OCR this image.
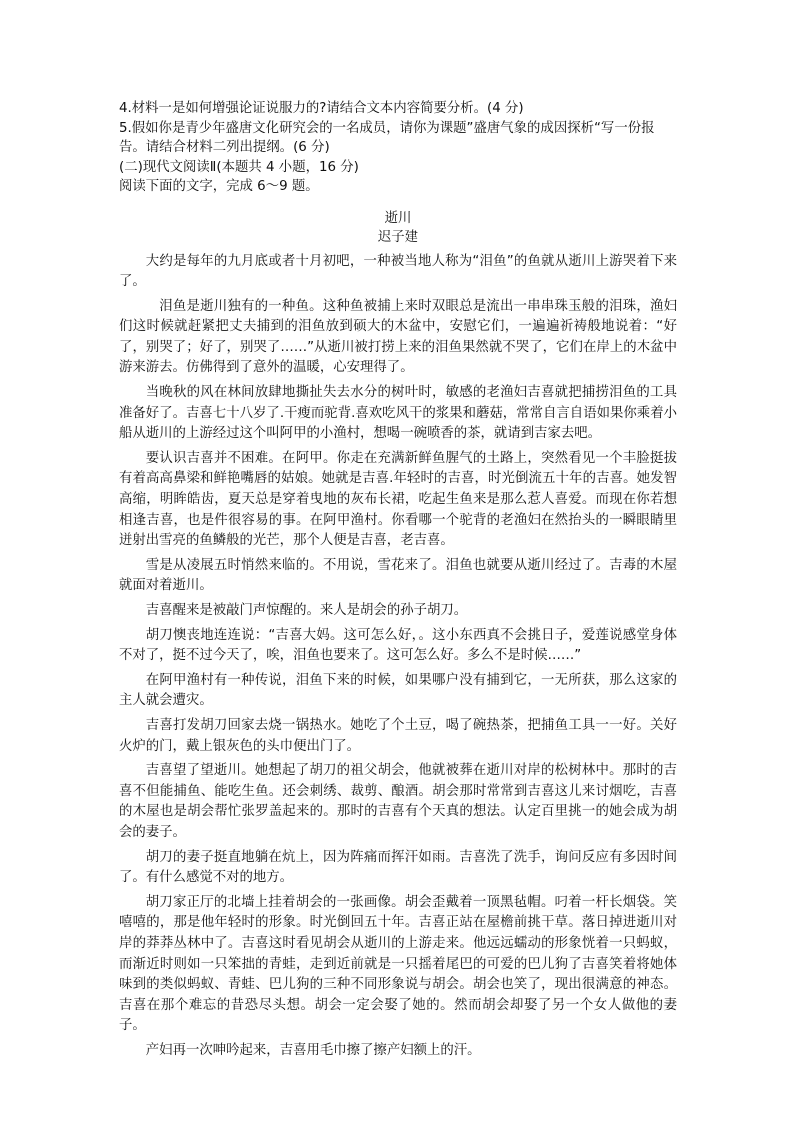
4.材料一是如何增强论证说服力的?请结合文本内容简要分析。(4 分)

5.假如你是青少年盛唐文化研究会的一名成员，请你为课题”盛唐气象的成因探析“写一份报告。请结合材料二列出提纲。(6 分)

(二)现代文阅读Ⅱ(本题共 4 小题，16 分)

阅读下面的文字，完成 6～9 题。

逝川

迟子建

大约是每年的九月底或者十月初吧，一种被当地人称为“泪鱼”的鱼就从逝川上游哭着下来了。

泪鱼是逝川独有的一种鱼。这种鱼被捕上来时双眼总是流出一串串珠玉般的泪珠，渔妇们这时候就赶紧把丈夫捕到的泪鱼放到硕大的木盆中，安慰它们，一遍遍祈祷般地说着：“好了，别哭了；好了，别哭了……”从逝川被打捞上来的泪鱼果然就不哭了，它们在岸上的木盆中游来游去。仿佛得到了意外的温暖，心安理得了。

当晚秋的风在林间放肆地撕扯失去水分的树叶时，敏感的老渔妇吉喜就把捕捞泪鱼的工具准备好了。吉喜七十八岁了.干瘦而驼背.喜欢吃风干的浆果和蘑菇，常常自言自语如果你乘着小船从逝川的上游经过这个叫阿甲的小渔村，想喝一碗喷香的茶，就请到吉家去吧。

要认识吉喜并不困难。在阿甲。你走在充满新鲜鱼腥气的土路上，突然看见一个丰脸挺拔有着高高鼻梁和鲜艳嘴唇的姑娘。她就是吉喜.年轻时的吉喜，时光倒流五十年的吉喜。她发智高缩，明眸皓齿，夏天总是穿着曳地的灰布长裙，吃起生鱼来是那么惹人喜爱。而现在你若想相逢吉喜，也是件很容易的事。在阿甲渔村。你看哪一个驼背的老渔妇在然抬头的一瞬眼睛里迸射出雪亮的鱼鳞般的光芒，那个人便是吉喜，老吉喜。

雪是从凌展五时悄然来临的。不用说，雪花来了。泪鱼也就要从逝川经过了。吉毒的木屋就面对着逝川。

吉喜醒来是被敲门声惊醒的。来人是胡会的孙子胡刀。

胡刀懊丧地连连说：“吉喜大妈。这可怎么好，。这小东西真不会挑日子，爱莲说感堂身体不对了，挺不过今天了，唉，泪鱼也要来了。这可怎么好。多么不是时候……”

在阿甲渔村有一种传说，泪鱼下来的时候，如果哪户没有捕到它，一无所获，那么这家的主人就会遭灾。

吉喜打发胡刀回家去烧一锅热水。她吃了个土豆，喝了碗热茶，把捕鱼工具一一好。关好火炉的门，戴上银灰色的头巾便出门了。

吉喜望了望逝川。她想起了胡刀的祖父胡会，他就被葬在逝川对岸的松树林中。那时的吉喜不但能捕鱼、能吃生鱼。还会刺绣、裁剪、酿酒。胡会那时常常到吉喜这儿来讨烟吃，吉喜的木屋也是胡会帮忙张罗盖起来的。那时的吉喜有个天真的想法。认定百里挑一的她会成为胡会的妻子。

胡刀的妻子挺直地躺在炕上，因为阵痛而挥汗如雨。吉喜洗了洗手，询问反应有多因时间了。有什么感觉不对的地方。

胡刀家正厅的北墙上挂着胡会的一张画像。胡会歪戴着一顶黑毡帽。叼着一杆长烟袋。笑嘻嘻的，那是他年轻时的形象。时光倒回五十年。吉喜正站在屋檐前挑干草。落日掉进逝川对岸的莽莽丛林中了。吉喜这时看见胡会从逝川的上游走来。他远远蠕动的形象恍着一只蚂蚁，而渐近时则如一只笨拙的青蛙，走到近前就是一只摇着尾巴的可爱的巴儿狗了吉喜笑着将她体味到的类似蚂蚁、青蛙、巴儿狗的三种不同形象说与胡会。胡会也笑了，现出很满意的神态。吉喜在那个难忘的昔恐尽头想。胡会一定会娶了她的。然而胡会却娶了另一个女人做他的妻子。

产妇再一次呻吟起来，吉喜用毛巾擦了擦产妇额上的汗。
